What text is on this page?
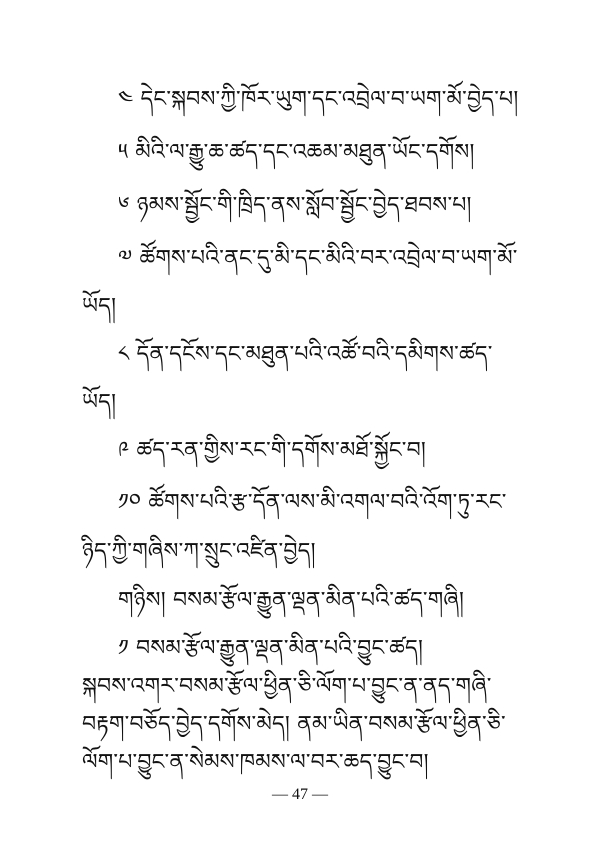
༤ དེང་སྐབས་ཀྱི་ཁོར་ཡུག་དང་འབྲེལ་བ་ཡག་མོ་བྱེད་པ།
༥ མིའི་ལ་རྒྱུ་ཆ་ཚད་དང་འཆམ་མཐུན་ཡོང་དགོས།
༦ ཉམས་སྦྱོང་གི་ཁྲིད་ནས་སློབ་སྦྱོང་བྱེད་ཐབས་པ།
༧ ཚོགས་པའི་ནང་དུ་མི་དང་མིའི་བར་འབྲེལ་བ་ཡག་མོ་
ཡོད།
༨ དོན་དངོས་དང་མཐུན་པའི་འཚོ་བའི་དམིགས་ཚད་
ཡོད།
༩ ཚད་རན་གྱིས་རང་གི་དགོས་མཐོ་སྐྱོང་བ།
༡༠ ཚོགས་པའི་རྩ་དོན་ལས་མི་འགལ་བའི་འོག་ཏུ་རང་
ཉིད་ཀྱི་གཞིས་ཀ་སྲུང་འཛིན་བྱེད།
གཉིས། བསམ་རྩོལ་རྒྱུན་ལྡན་མིན་པའི་ཚད་གཞི།
༡ བསམ་རྩོལ་རྒྱུན་ལྡན་མིན་པའི་བྱུང་ཚད།
སྐབས་འགར་བསམ་རྩོལ་ཕྱིན་ཅི་ལོག་པ་བྱུང་ན་ནད་གཞི་
བརྟག་བཅོད་བྱེད་དགོས་མེད། ནམ་ཡིན་བསམ་རྩོལ་ཕྱིན་ཅི་
ལོག་པ་བྱུང་ན་སེམས་ཁམས་ལ་བར་ཆད་བྱུང་བ།
— 47 —
